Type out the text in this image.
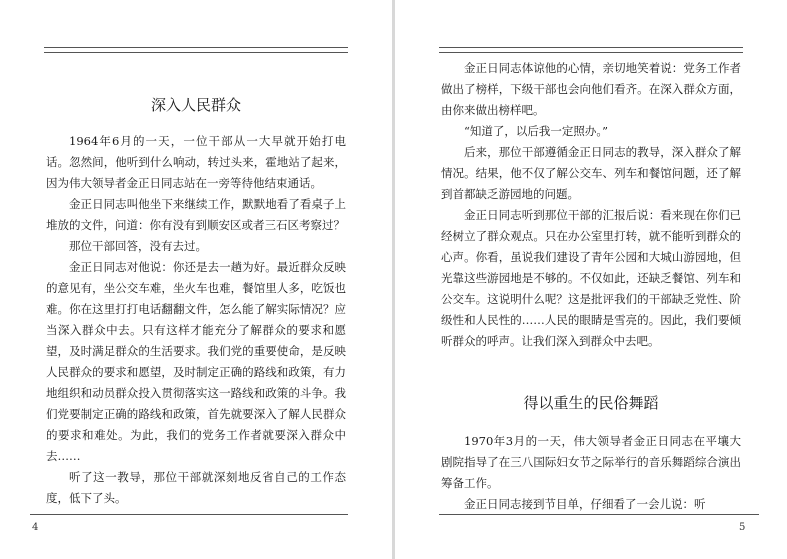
深入人民群众

1964年6月的一天，一位干部从一大早就开始打电话。忽然间，他听到什么响动，转过头来，霍地站了起来，因为伟大领导者金正日同志站在一旁等待他结束通话。

金正日同志叫他坐下来继续工作，默默地看了看桌子上堆放的文件，问道：你有没有到顺安区或者三石区考察过？

那位干部回答，没有去过。

金正日同志对他说：你还是去一趟为好。最近群众反映的意见有，坐公交车难，坐火车也难，餐馆里人多，吃饭也难。你在这里打打电话翻翻文件，怎么能了解实际情况？应当深入群众中去。只有这样才能充分了解群众的要求和愿望，及时满足群众的生活要求。我们党的重要使命，是反映人民群众的要求和愿望，及时制定正确的路线和政策，有力地组织和动员群众投入贯彻落实这一路线和政策的斗争。我们党要制定正确的路线和政策，首先就要深入了解人民群众的要求和难处。为此，我们的党务工作者就要深入群众中去……

听了这一教导，那位干部就深刻地反省自己的工作态度，低下了头。

4

金正日同志体谅他的心情，亲切地笑着说：党务工作者做出了榜样，下级干部也会向他们看齐。在深入群众方面，由你来做出榜样吧。

“知道了，以后我一定照办。”

后来，那位干部遵循金正日同志的教导，深入群众了解情况。结果，他不仅了解公交车、列车和餐馆问题，还了解到首都缺乏游园地的问题。

金正日同志听到那位干部的汇报后说：看来现在你们已经树立了群众观点。只在办公室里打转，就不能听到群众的心声。你看，虽说我们建设了青年公园和大城山游园地，但光靠这些游园地是不够的。不仅如此，还缺乏餐馆、列车和公交车。这说明什么呢？这是批评我们的干部缺乏党性、阶级性和人民性的……人民的眼睛是雪亮的。因此，我们要倾听群众的呼声。让我们深入到群众中去吧。

得以重生的民俗舞蹈

1970年3月的一天，伟大领导者金正日同志在平壤大剧院指导了在三八国际妇女节之际举行的音乐舞蹈综合演出筹备工作。

金正日同志接到节目单，仔细看了一会儿说：听

5
